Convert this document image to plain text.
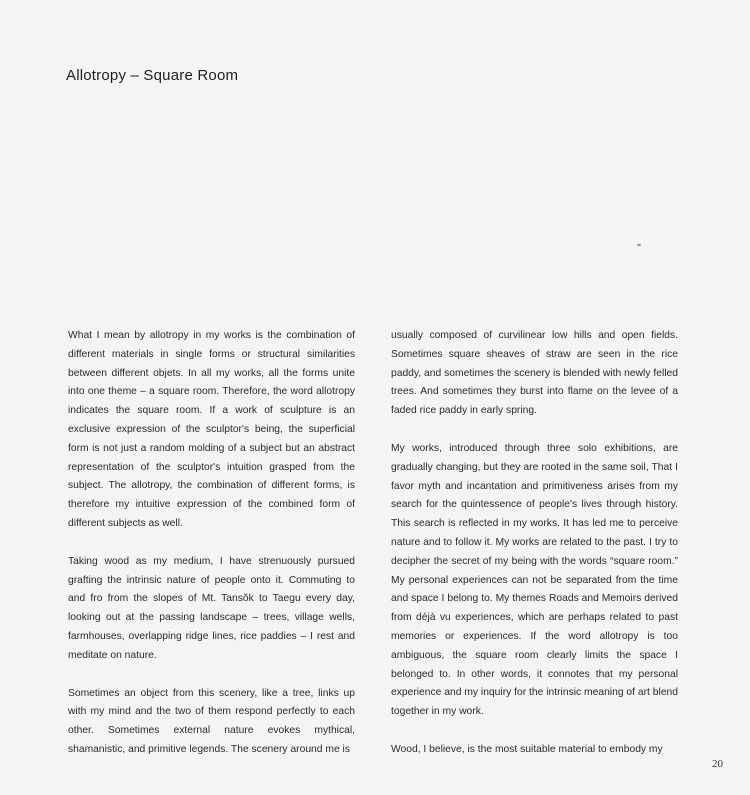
Allotropy – Square Room

What I mean by allotropy in my works is the combination of different materials in single forms or structural similarities between different objets. In all my works, all the forms unite into one theme – a square room. Therefore, the word allotropy indicates the square room. If a work of sculpture is an exclusive expression of the sculptor's being, the superficial form is not just a random molding of a subject but an abstract representation of the sculptor's intuition grasped from the subject. The allotropy, the combination of different forms, is therefore my intuitive expression of the combined form of different subjects as well.

Taking wood as my medium, I have strenuously pursued grafting the intrinsic nature of people onto it. Commuting to and fro from the slopes of Mt. Tansŏk to Taegu every day, looking out at the passing landscape – trees, village wells, farmhouses, overlapping ridge lines, rice paddies – I rest and meditate on nature.

Sometimes an object from this scenery, like a tree, links up with my mind and the two of them respond perfectly to each other. Sometimes external nature evokes mythical, shamanistic, and primitive legends. The scenery around me is

usually composed of curvilinear low hills and open fields. Sometimes square sheaves of straw are seen in the rice paddy, and sometimes the scenery is blended with newly felled trees. And sometimes they burst into flame on the levee of a faded rice paddy in early spring.

My works, introduced through three solo exhibitions, are gradually changing, but they are rooted in the same soil, That I favor myth and incantation and primitiveness arises from my search for the quintessence of people's lives through history. This search is reflected in my works. It has led me to perceive nature and to follow it. My works are related to the past. I try to decipher the secret of my being with the words “square room.” My personal experiences can not be separated from the time and space I belong to. My themes Roads and Memoirs derived from déjà vu experiences, which are perhaps related to past memories or experiences. If the word allotropy is too ambiguous, the square room clearly limits the space I belonged to. In other words, it connotes that my personal experience and my inquiry for the intrinsic meaning of art blend together in my work.

Wood, I believe, is the most suitable material to embody my

20
